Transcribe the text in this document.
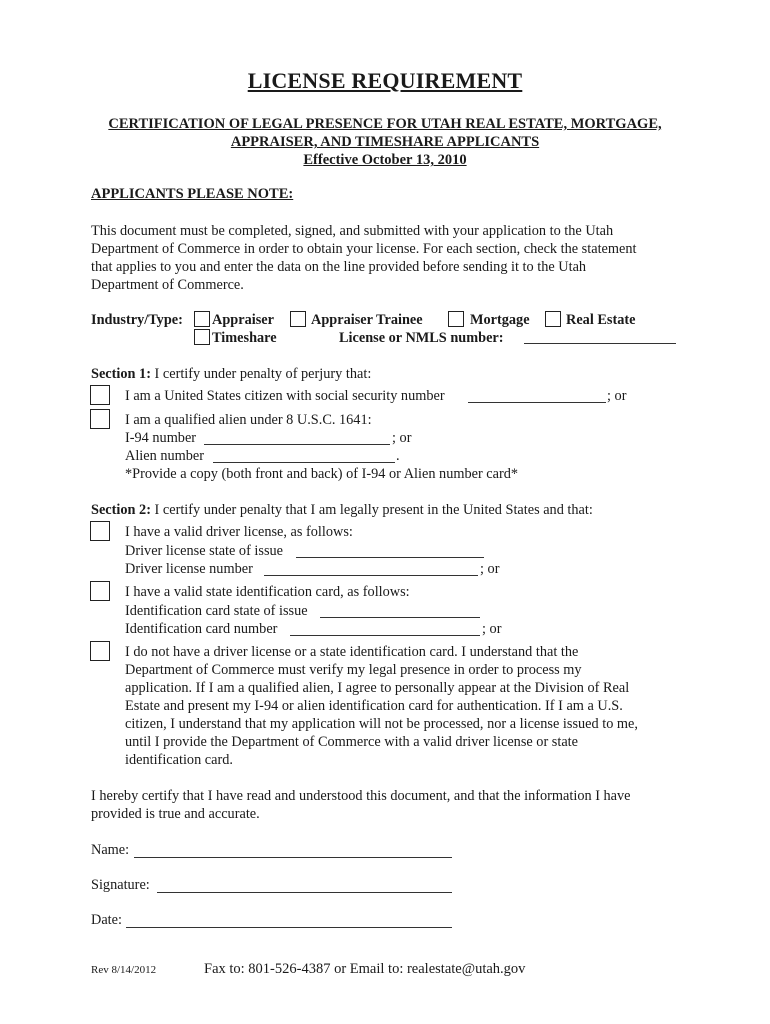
LICENSE REQUIREMENT
CERTIFICATION OF LEGAL PRESENCE FOR UTAH REAL ESTATE, MORTGAGE,
APPRAISER, AND TIMESHARE APPLICANTS
Effective October 13, 2010
APPLICANTS PLEASE NOTE:
This document must be completed, signed, and submitted with your application to the Utah
Department of Commerce in order to obtain your license. For each section, check the statement
that applies to you and enter the data on the line provided before sending it to the Utah
Department of Commerce.
Industry/Type: Appraiser	Appraiser Trainee	Mortgage	Real Estate
Timeshare	License or NMLS number:
Section 1: I certify under penalty of perjury that:
I am a United States citizen with social security number	; or
I am a qualified alien under 8 U.S.C. 1641:
I-94 number	; or
Alien number	.
*Provide a copy (both front and back) of I-94 or Alien number card*
Section 2: I certify under penalty that I am legally present in the United States and that:
I have a valid driver license, as follows:
Driver license state of issue
Driver license number	; or
I have a valid state identification card, as follows:
Identification card state of issue
Identification card number	; or
I do not have a driver license or a state identification card. I understand that the
Department of Commerce must verify my legal presence in order to process my
application. If I am a qualified alien, I agree to personally appear at the Division of Real
Estate and present my I-94 or alien identification card for authentication. If I am a U.S.
citizen, I understand that my application will not be processed, nor a license issued to me,
until I provide the Department of Commerce with a valid driver license or state
identification card.
I hereby certify that I have read and understood this document, and that the information I have
provided is true and accurate.
Name:
Signature:
Date:
Rev 8/14/2012	Fax to: 801-526-4387 or Email to: realestate@utah.gov
